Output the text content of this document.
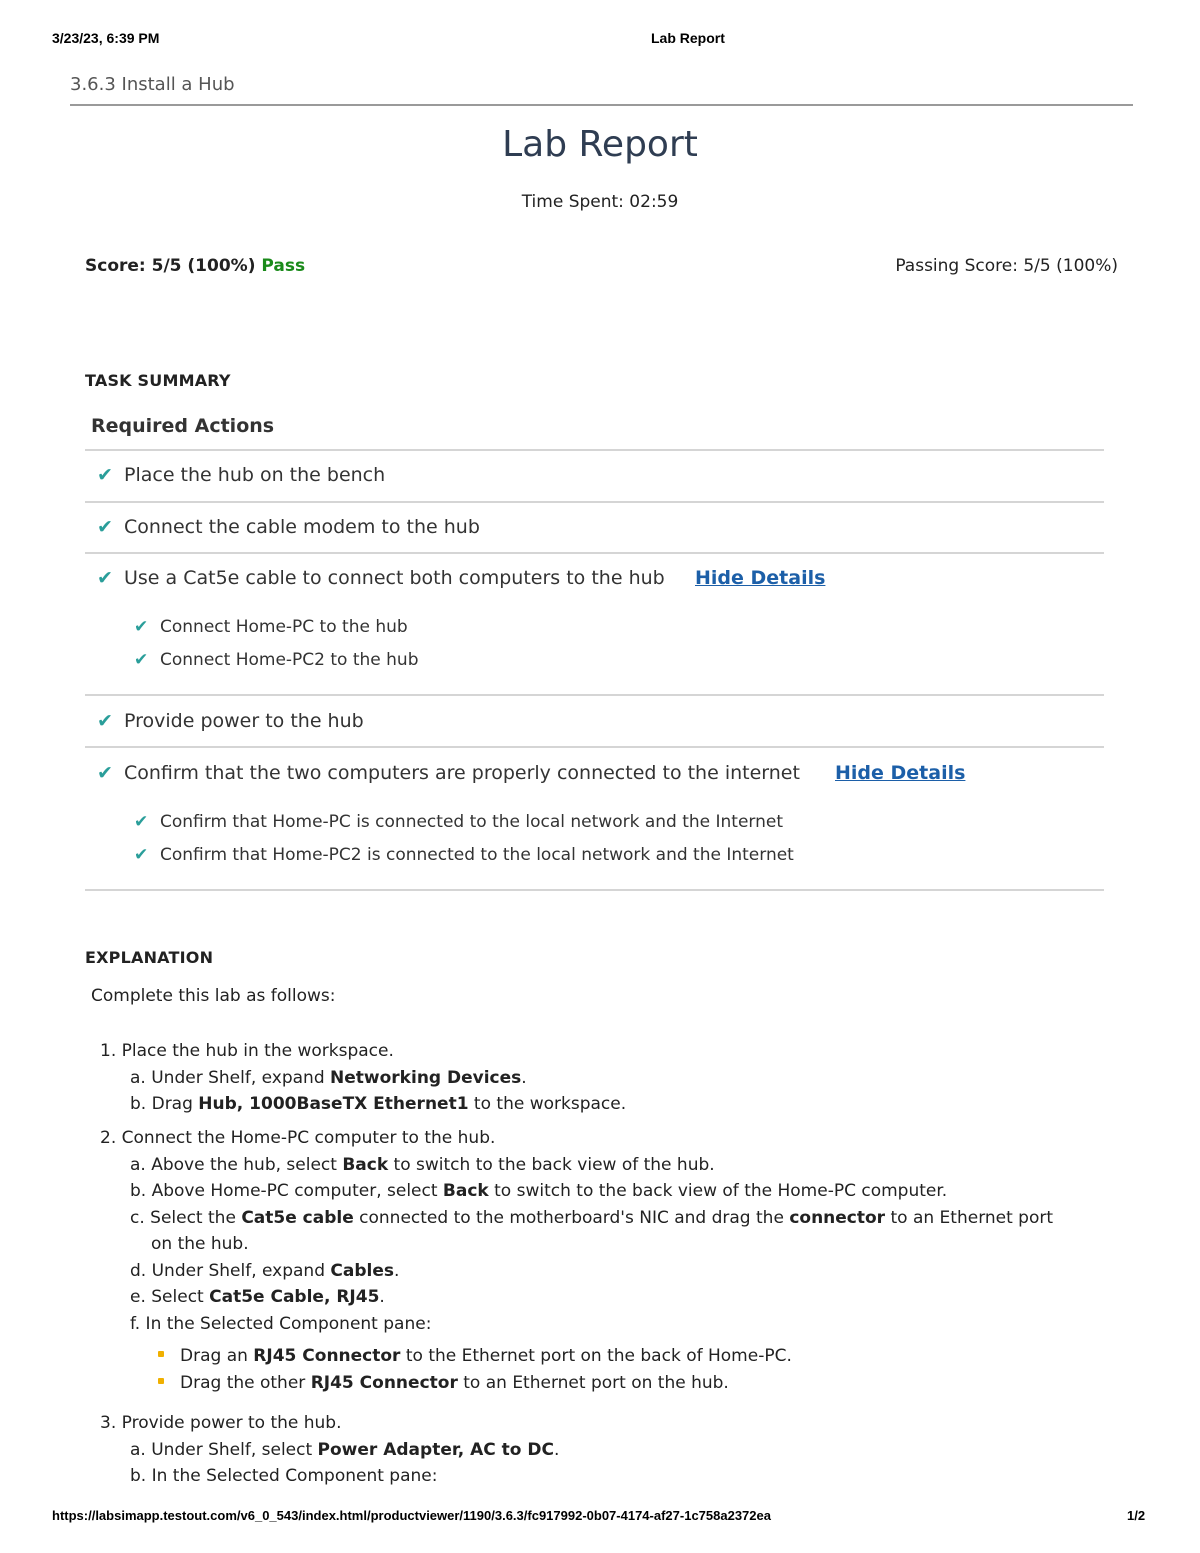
3/23/23, 6:39 PM	Lab Report
3.6.3 Install a Hub
Lab Report
Time Spent: 02:59
Score: 5/5 (100%) Pass	Passing Score: 5/5 (100%)
TASK SUMMARY
Required Actions
✔ Place the hub on the bench
✔ Connect the cable modem to the hub
✔ Use a Cat5e cable to connect both computers to the hub Hide Details
✔ Connect Home-PC to the hub
✔ Connect Home-PC2 to the hub
✔ Provide power to the hub
✔ Confirm that the two computers are properly connected to the internet Hide Details
✔ Confirm that Home-PC is connected to the local network and the Internet
✔ Confirm that Home-PC2 is connected to the local network and the Internet
EXPLANATION
Complete this lab as follows:
1. Place the hub in the workspace.
a. Under Shelf, expand Networking Devices.
b. Drag Hub, 1000BaseTX Ethernet1 to the workspace.
2. Connect the Home-PC computer to the hub.
a. Above the hub, select Back to switch to the back view of the hub.
b. Above Home-PC computer, select Back to switch to the back view of the Home-PC computer.
c. Select the Cat5e cable connected to the motherboard's NIC and drag the connector to an Ethernet port
on the hub.
d. Under Shelf, expand Cables.
e. Select Cat5e Cable, RJ45.
f. In the Selected Component pane:
Drag an RJ45 Connector to the Ethernet port on the back of Home-PC.
Drag the other RJ45 Connector to an Ethernet port on the hub.
3. Provide power to the hub.
a. Under Shelf, select Power Adapter, AC to DC.
b. In the Selected Component pane:
https://labsimapp.testout.com/v6_0_543/index.html/productviewer/1190/3.6.3/fc917992-0b07-4174-af27-1c758a2372ea	1/2
